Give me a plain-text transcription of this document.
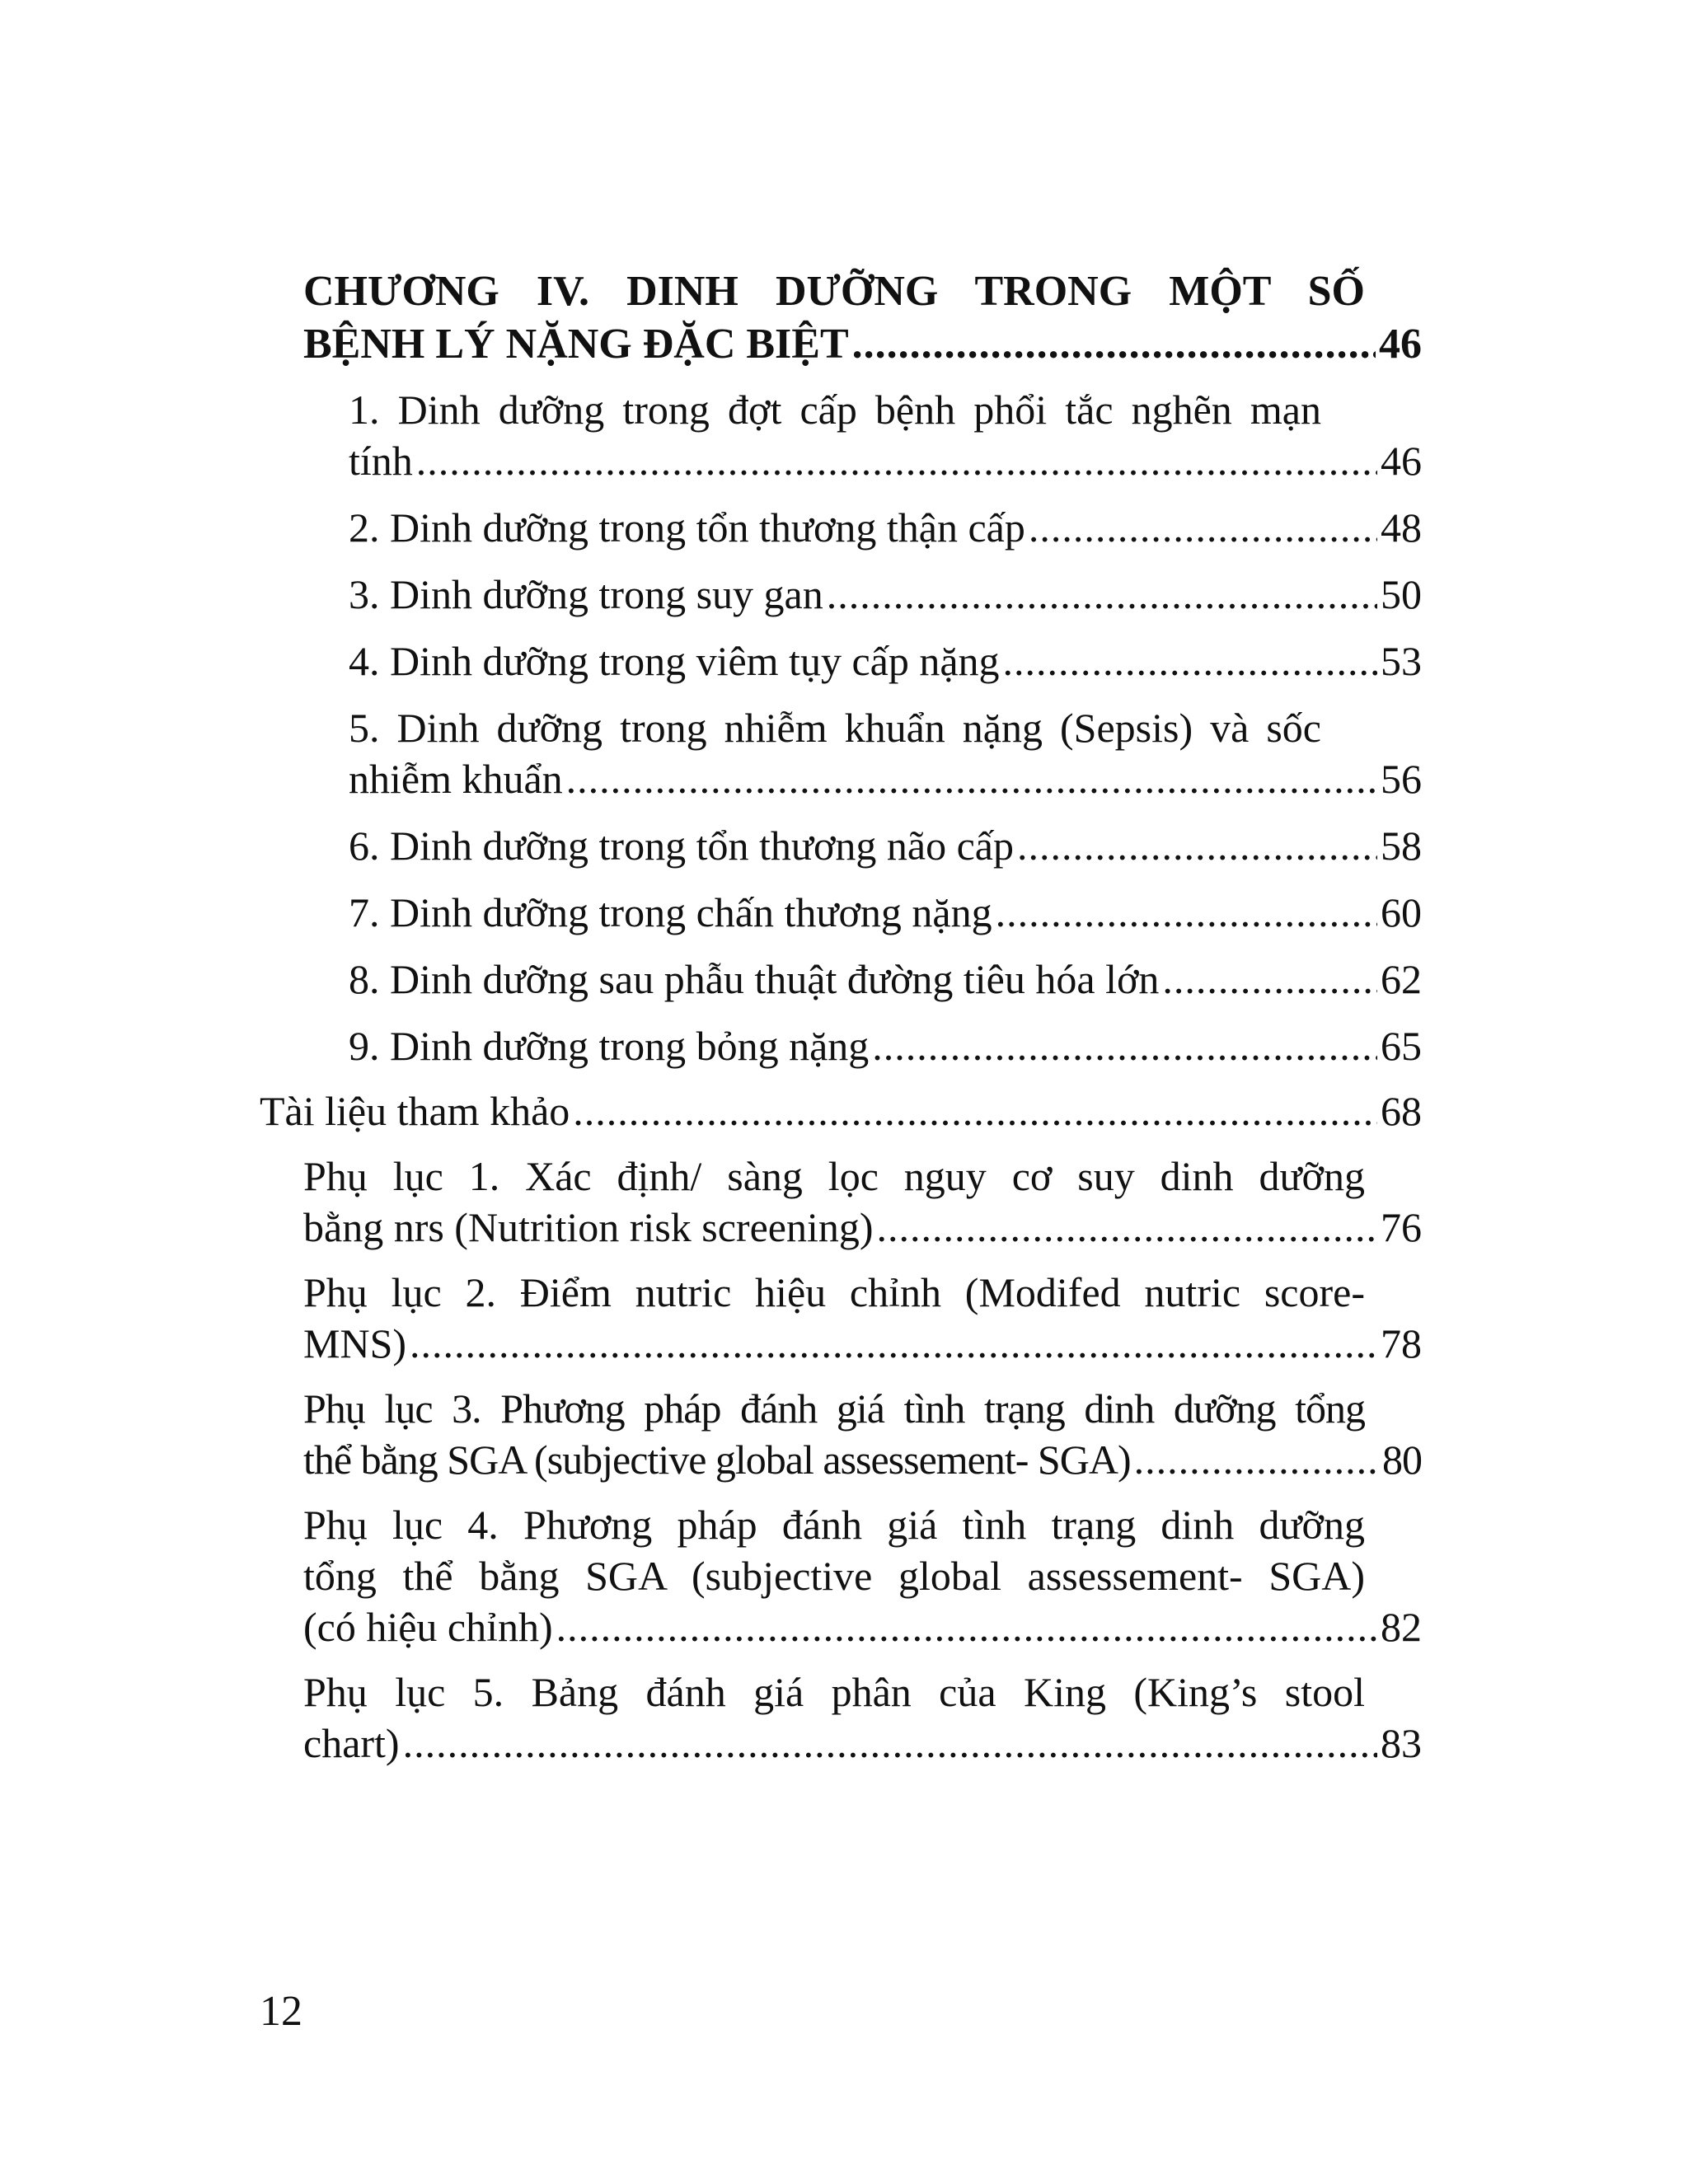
CHƯƠNG IV. DINH DƯỠNG TRONG MỘT SỐ
BỆNH LÝ NẶNG ĐẶC BIỆT .....	46
1. Dinh dưỡng trong đợt cấp bệnh phổi tắc nghẽn mạn
tính .....	46
2. Dinh dưỡng trong tổn thương thận cấp .....	48
3. Dinh dưỡng trong suy gan .....	50
4. Dinh dưỡng trong viêm tụy cấp nặng .....	53
5. Dinh dưỡng trong nhiễm khuẩn nặng (Sepsis) và sốc
nhiễm khuẩn .....	56
6. Dinh dưỡng trong tổn thương não cấp .....	58
7. Dinh dưỡng trong chấn thương nặng .....	60
8. Dinh dưỡng sau phẫu thuật đường tiêu hóa lớn .....	62
9. Dinh dưỡng trong bỏng nặng .....	65
Tài liệu tham khảo .....	68
Phụ lục 1. Xác định/ sàng lọc nguy cơ suy dinh dưỡng
bằng nrs (Nutrition risk screening) .....	76
Phụ lục 2. Điểm nutric hiệu chỉnh (Modifed nutric score-
MNS) .....	78
Phụ lục 3. Phương pháp đánh giá tình trạng dinh dưỡng tổng
thể bằng SGA (subjective global assessement- SGA) .....	80
Phụ lục 4. Phương pháp đánh giá tình trạng dinh dưỡng
tổng thể bằng SGA (subjective global assessement- SGA)
(có hiệu chỉnh) .....	82
Phụ lục 5. Bảng đánh giá phân của King (King’s stool
chart) .....	83
12
